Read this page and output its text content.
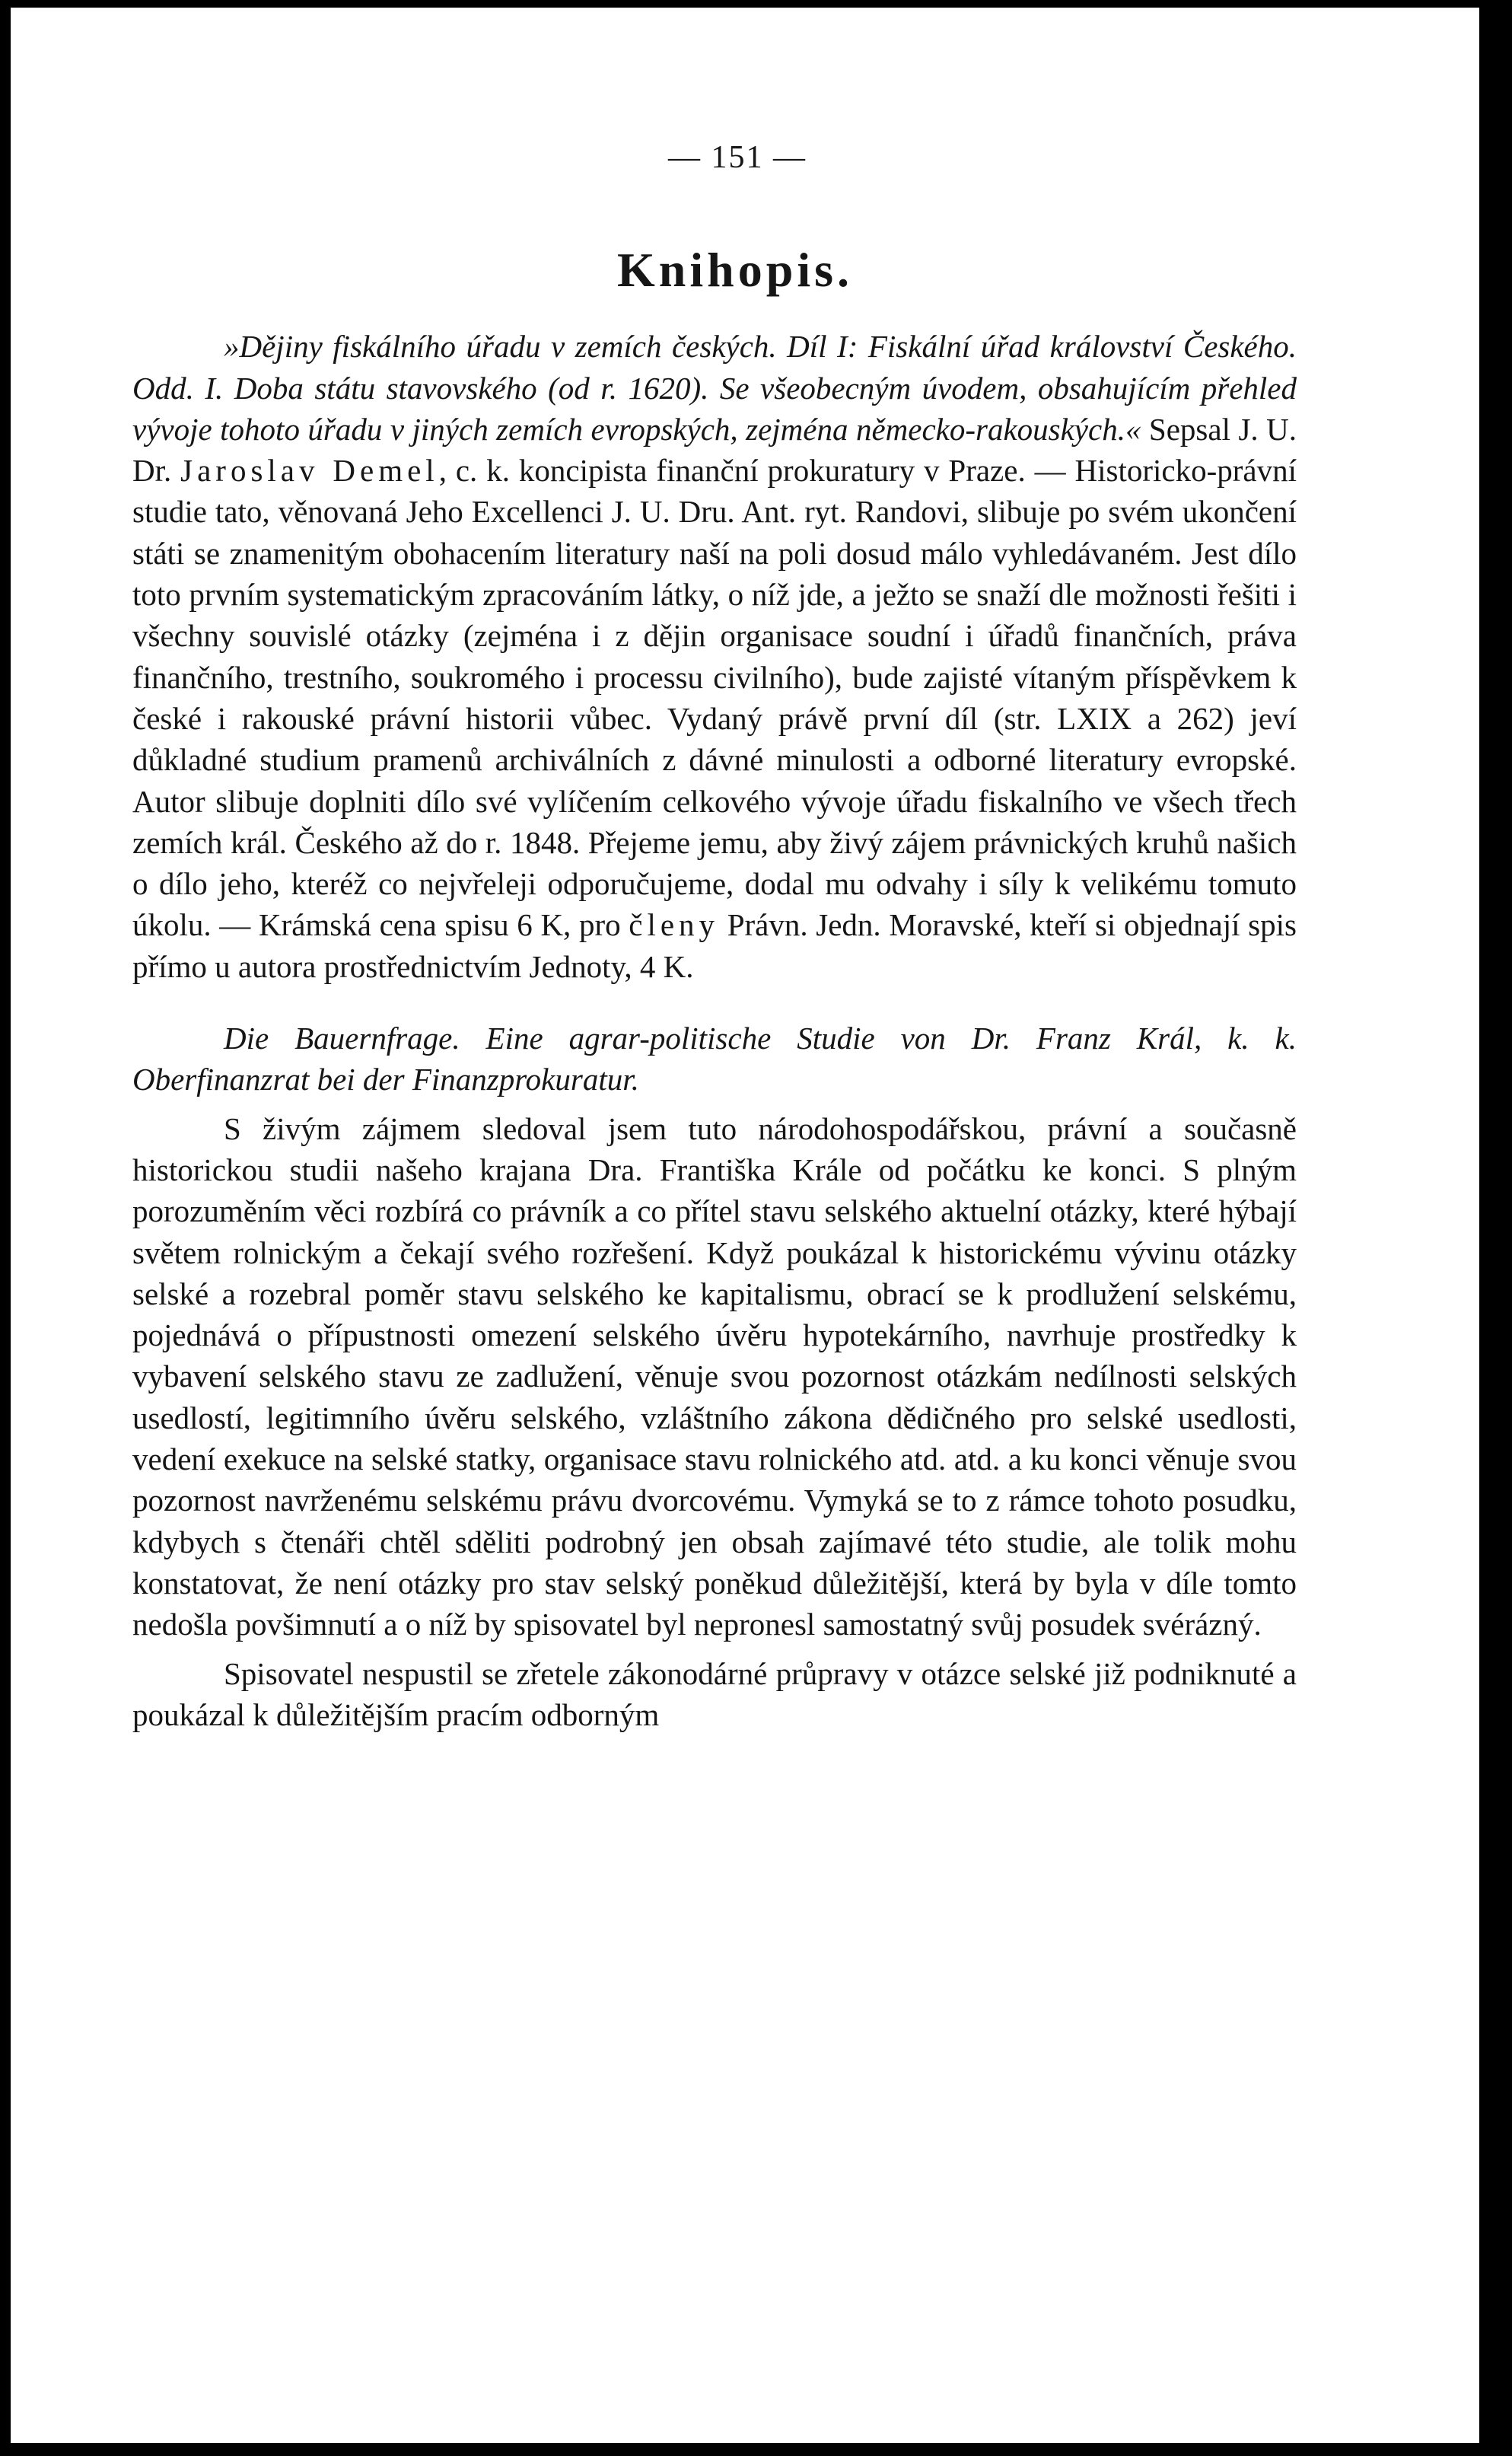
— 151 —
Knihopis.

»Dějiny fiskálního úřadu v zemích českých. Díl I: Fiskální úřad království Českého. Odd. I. Doba státu stavovského (od r. 1620). Se všeobecným úvodem, obsahujícím přehled vývoje tohoto úřadu v jiných zemích evropských, zejména německo-rakouských.« Sepsal J. U. Dr. Jaroslav Demel, c. k. koncipista finanční prokuratury v Praze. — Historicko-právní studie tato, věnovaná Jeho Excellenci J. U. Dru. Ant. ryt. Randovi, slibuje po svém ukončení státi se znamenitým obohacením literatury naší na poli dosud málo vyhledávaném. Jest dílo toto prvním systematickým zpracováním látky, o níž jde, a ježto se snaží dle možnosti řešiti i všechny souvislé otázky (zejména i z dějin organisace soudní i úřadů finančních, práva finančního, trestního, soukromého i processu civilního), bude zajisté vítaným příspěvkem k české i rakouské právní historii vůbec. Vydaný právě první díl (str. LXIX a 262) jeví důkladné studium pramenů archiválních z dávné minulosti a odborné literatury evropské. Autor slibuje doplniti dílo své vylíčením celkového vývoje úřadu fiskalního ve všech třech zemích král. Českého až do r. 1848. Přejeme jemu, aby živý zájem právnických kruhů našich o dílo jeho, kteréž co nejvřeleji odporučujeme, dodal mu odvahy i síly k velikému tomuto úkolu. — Krámská cena spisu 6 K, pro členy Právn. Jedn. Moravské, kteří si objednají spis přímo u autora prostřednictvím Jednoty, 4 K.

Die Bauernfrage. Eine agrar-politische Studie von Dr. Franz Král, k. k. Oberfinanzrat bei der Finanzprokuratur.

S živým zájmem sledoval jsem tuto národohospodářskou, právní a současně historickou studii našeho krajana Dra. Františka Krále od počátku ke konci. S plným porozuměním věci rozbírá co právník a co přítel stavu selského aktuelní otázky, které hýbají světem rolnickým a čekají svého rozřešení. Když poukázal k historickému vývinu otázky selské a rozebral poměr stavu selského ke kapitalismu, obrací se k prodlužení selskému, pojednává o přípustnosti omezení selského úvěru hypotekárního, navrhuje prostředky k vybavení selského stavu ze zadlužení, věnuje svou pozornost otázkám nedílnosti selských usedlostí, legitimního úvěru selského, vzláštního zákona dědičného pro selské usedlosti, vedení exekuce na selské statky, organisace stavu rolnického atd. atd. a ku konci věnuje svou pozornost navrženému selskému právu dvorcovému. Vymyká se to z rámce tohoto posudku, kdybych s čtenáři chtěl sděliti podrobný jen obsah zajímavé této studie, ale tolik mohu konstatovat, že není otázky pro stav selský poněkud důležitější, která by byla v díle tomto nedošla povšimnutí a o níž by spisovatel byl nepronesl samostatný svůj posudek svérázný.

Spisovatel nespustil se zřetele zákonodárné průpravy v otázce selské již podniknuté a poukázal k důležitějším pracím odborným
